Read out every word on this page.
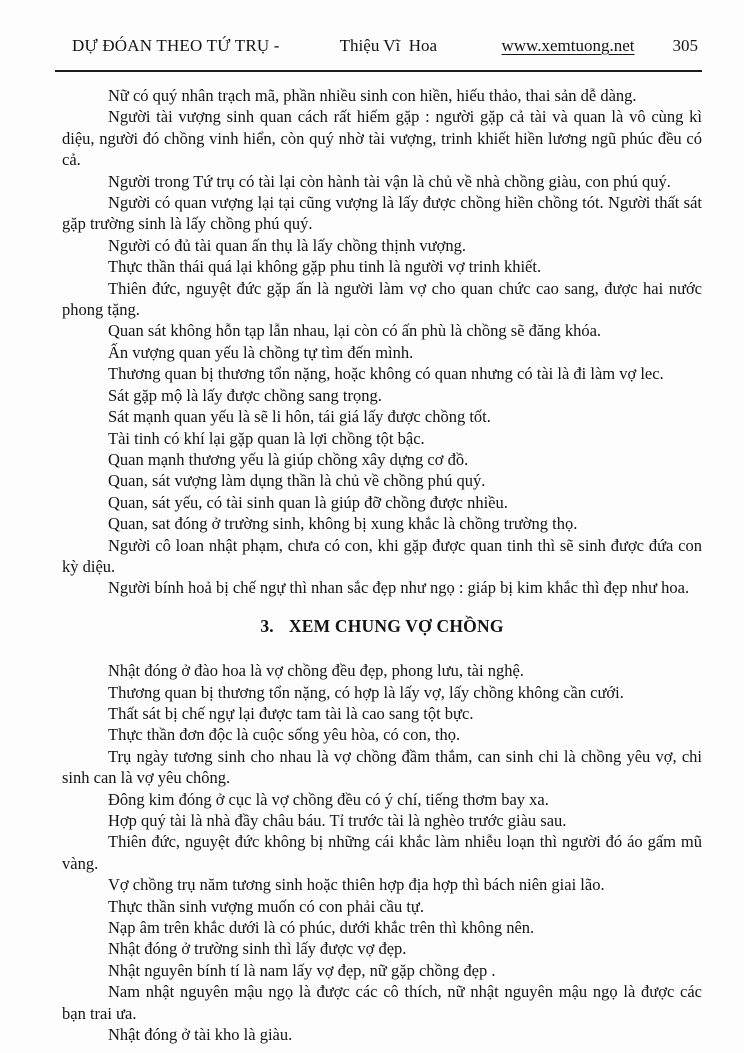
DỰ ĐÓAN THEO TỨ TRỤ -	Thiệu Vĩ  Hoa	www.xemtuong.net 305

Nữ có quý nhân trạch mã, phần nhiều sinh con hiền, hiếu thảo, thai sản dễ dàng.

Người tài vượng sinh quan cách rất hiếm gặp : người gặp cả tài và quan là vô cùng kì diệu, người đó chồng vinh hiển, còn quý nhờ tài vượng, trinh khiết hiền lương ngũ phúc đều có cả.

Người trong Tứ trụ có tài lại còn hành tài vận là chủ về nhà chồng giàu, con phú quý.

Người có quan vượng lại tại cũng vượng là lấy được chồng hiền chồng tót. Người thất sát gặp trường sinh là lấy chồng phú quý.

Người có đủ tài quan ấn thụ là lấy chồng thịnh vượng.

Thực thần thái quá lại không gặp phu tinh là người vợ trinh khiết.

Thiên đức, nguyệt đức gặp ấn là người làm vợ cho quan chức cao sang, được hai nước phong tặng.

Quan sát không hỗn tạp lẫn nhau, lại còn có ấn phù là chồng sẽ đăng khóa.

Ấn vượng quan yếu là chồng tự tìm đến mình.

Thương quan bị thương tổn nặng, hoặc không có quan nhưng có tài là đi làm vợ lec.

Sát gặp mộ là lấy được chồng sang trọng.

Sát mạnh quan yếu là sẽ li hôn, tái giá lấy được chồng tốt.

Tài tinh có khí lại gặp quan là lợi chồng tột bậc.

Quan mạnh thương yếu là giúp chồng xây dựng cơ đồ.

Quan, sát vượng làm dụng thần là chủ về chồng phú quý.

Quan, sát yếu, có tài sinh quan là giúp đỡ chồng được nhiều.

Quan, sat đóng ở trường sinh, không bị xung khắc là chồng trường thọ.

Người cô loan nhật phạm, chưa có con, khi gặp được quan tinh thì sẽ sinh được đứa con kỳ diệu.

Người bính hoả bị chế ngự thì nhan sắc đẹp như ngọ : giáp bị kim khắc thì đẹp như hoa.

3. XEM CHUNG VỢ CHỒNG

Nhật đóng ở đào hoa là vợ chồng đều đẹp, phong lưu, tài nghệ.

Thương quan bị thương tổn nặng, có hợp là lấy vợ, lấy chồng không cần cưới.

Thất sát bị chế ngự lại được tam tài là cao sang tột bực.

Thực thần đơn độc là cuộc sống yêu hòa, có con, thọ.

Trụ ngày tương sinh cho nhau là vợ chồng đầm thắm, can sinh chi là chồng yêu vợ, chi sinh can là vợ yêu chông.

Đông kim đóng ở cục là vợ chồng đều có ý chí, tiếng thơm bay xa.

Hợp quý tài là nhà đầy châu báu. Tỉ trước tài là nghèo trước giàu sau.

Thiên đức, nguyệt đức không bị những cái khắc làm nhiễu loạn thì người đó áo gấm mũ vàng.

Vợ chồng trụ năm tương sinh hoặc thiên hợp địa hợp thì bách niên giai lão.

Thực thần sinh vượng muốn có con phải cầu tự.

Nạp âm trên khắc dưới là có phúc, dưới khắc trên thì không nên.

Nhật đóng ở trường sinh thì lấy được vợ đẹp.

Nhật nguyên bính tí là nam lấy vợ đẹp, nữ gặp chồng đẹp .

Nam nhật nguyên mậu ngọ là được các cô thích, nữ nhật nguyên mậu ngọ là được các bạn trai ưa.

Nhật đóng ở tài kho là giàu.
